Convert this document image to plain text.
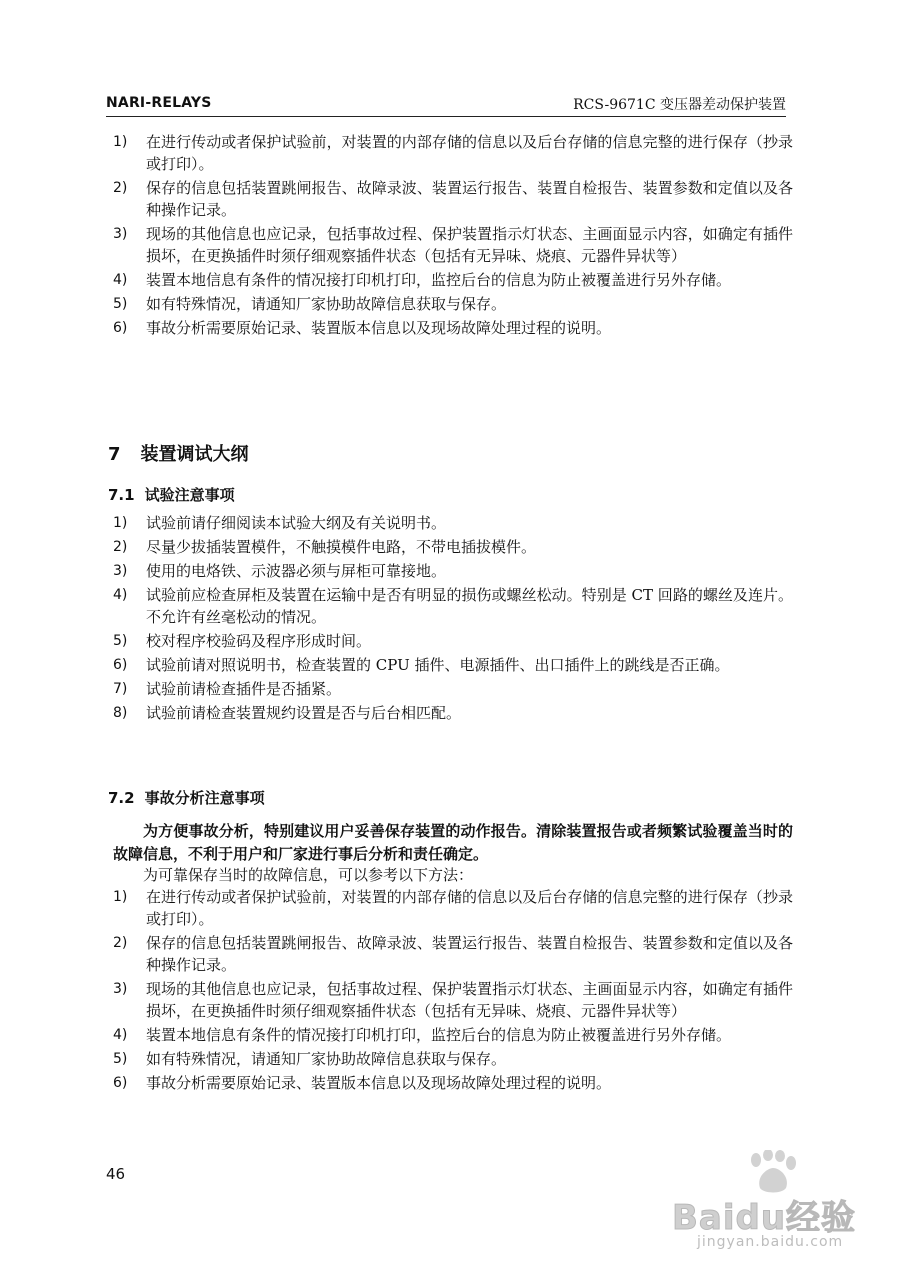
NARI-RELAYS	RCS-9671C 变压器差动保护装置
1) 在进行传动或者保护试验前，对装置的内部存储的信息以及后台存储的信息完整的进行保存（抄录或打印）。
2) 保存的信息包括装置跳闸报告、故障录波、装置运行报告、装置自检报告、装置参数和定值以及各种操作记录。
3) 现场的其他信息也应记录，包括事故过程、保护装置指示灯状态、主画面显示内容，如确定有插件损坏，在更换插件时须仔细观察插件状态（包括有无异味、烧痕、元器件异状等）
4) 装置本地信息有条件的情况接打印机打印，监控后台的信息为防止被覆盖进行另外存储。
5) 如有特殊情况，请通知厂家协助故障信息获取与保存。
6) 事故分析需要原始记录、装置版本信息以及现场故障处理过程的说明。
7 装置调试大纲
7.1 试验注意事项
1) 试验前请仔细阅读本试验大纲及有关说明书。
2) 尽量少拔插装置模件，不触摸模件电路，不带电插拔模件。
3) 使用的电烙铁、示波器必须与屏柜可靠接地。
4) 试验前应检查屏柜及装置在运输中是否有明显的损伤或螺丝松动。特别是 CT 回路的螺丝及连片。不允许有丝毫松动的情况。
5) 校对程序校验码及程序形成时间。
6) 试验前请对照说明书，检查装置的 CPU 插件、电源插件、出口插件上的跳线是否正确。
7) 试验前请检查插件是否插紧。
8) 试验前请检查装置规约设置是否与后台相匹配。
7.2 事故分析注意事项
为方便事故分析，特别建议用户妥善保存装置的动作报告。清除装置报告或者频繁试验覆盖当时的故障信息，不利于用户和厂家进行事后分析和责任确定。
为可靠保存当时的故障信息，可以参考以下方法：
1) 在进行传动或者保护试验前，对装置的内部存储的信息以及后台存储的信息完整的进行保存（抄录或打印）。
2) 保存的信息包括装置跳闸报告、故障录波、装置运行报告、装置自检报告、装置参数和定值以及各种操作记录。
3) 现场的其他信息也应记录，包括事故过程、保护装置指示灯状态、主画面显示内容，如确定有插件损坏，在更换插件时须仔细观察插件状态（包括有无异味、烧痕、元器件异状等）
4) 装置本地信息有条件的情况接打印机打印，监控后台的信息为防止被覆盖进行另外存储。
5) 如有特殊情况，请通知厂家协助故障信息获取与保存。
6) 事故分析需要原始记录、装置版本信息以及现场故障处理过程的说明。
46
Baidu经验
jingyan.baidu.com
